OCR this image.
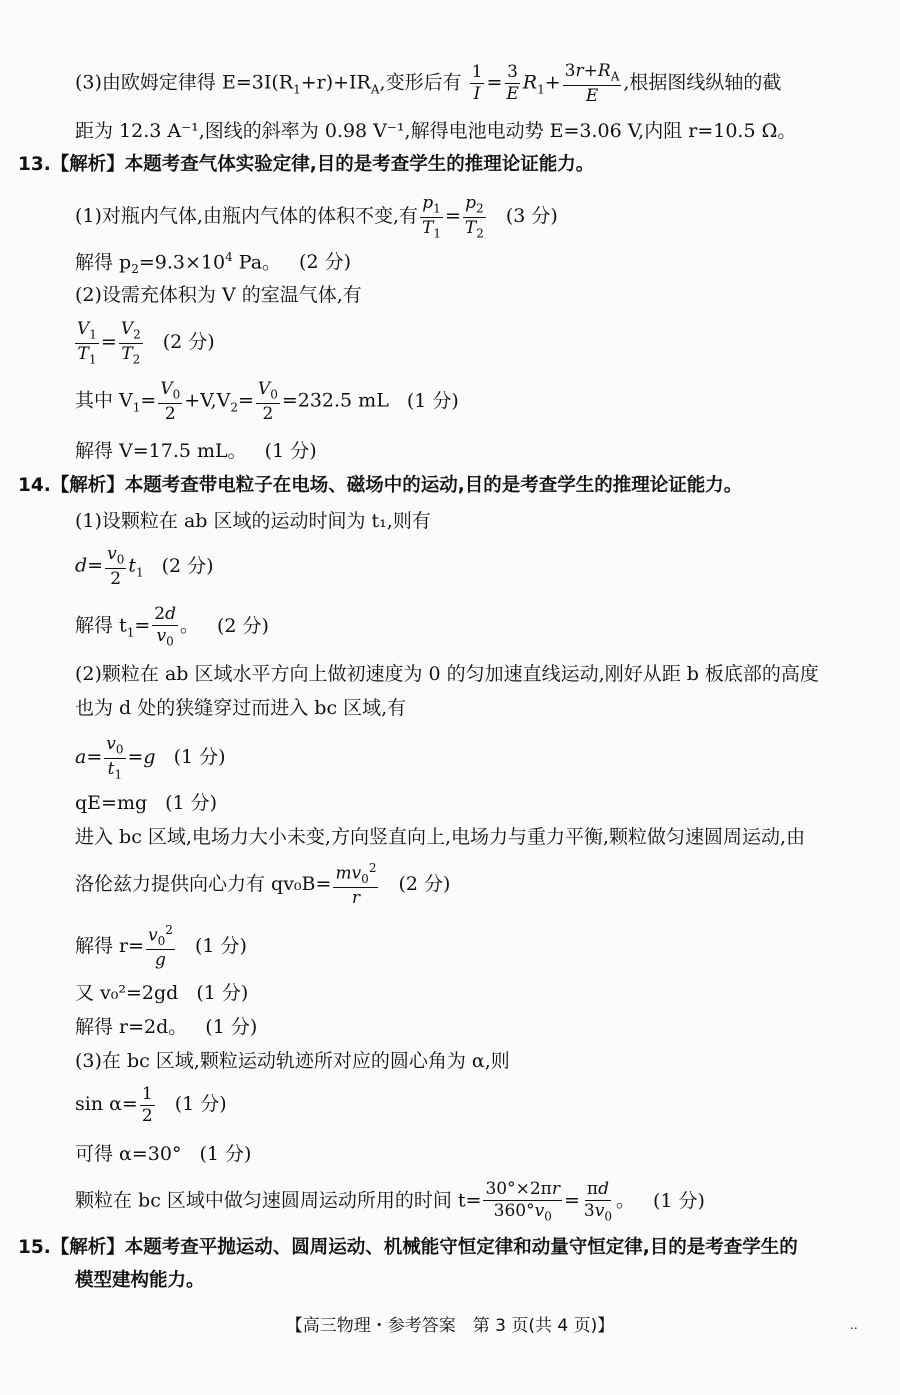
(3)由欧姆定律得 $E=3I(R_1+r)+IR_A$,变形后有 $\frac{1}{I} = \frac{3}{E} R_1+ \frac{3r+R_A}{E}$ ,根据图线纵轴的截
距为 12.3 A⁻¹,图线的斜率为 0.98 V⁻¹,解得电池电动势 E=3.06 V,内阻 r=10.5 Ω。
13.【解析】本题考查气体实验定律,目的是考查学生的推理论证能力。
(1)对瓶内气体,由瓶内气体的体积不变,有 $\frac{p_1}{T_1} = \frac{p_2}{T_2} (3$ 分)
解得 $p_2=9.3\times 10^4$ Pa。 (2 分)
(2)设需充体积为 V 的室温气体,有
$\frac{V_1}{T_1} = \frac{V_2}{T_2} (2$ 分)
其中 $V_1= \frac{V_0}{2} +V,V_2= \frac{V_0}{2} =232.5$ mL (1 分)
解得 V=17.5 mL。 (1 分)
14.【解析】本题考查带电粒子在电场、磁场中的运动,目的是考查学生的推理论证能力。
(1)设颗粒在 ab 区域的运动时间为 t₁,则有
$d= \frac{v_0}{2} t_1$ (2 分)
解得 $t_1= \frac{2d}{v_0}$ 。 (2 分)
(2)颗粒在 ab 区域水平方向上做初速度为 0 的匀加速直线运动,刚好从距 b 板底部的高度
也为 d 处的狭缝穿过而进入 bc 区域,有
$a= \frac{v_0}{t_1} =g$ (1 分)
qE=mg (1 分)
进入 bc 区域,电场力大小未变,方向竖直向上,电场力与重力平衡,颗粒做匀速圆周运动,由
洛伦兹力提供向心力有 $qv_0B= \frac{mv_0^2}{r} (2$ 分)
解得 $r= \frac{v_0^2}{g} (1$ 分)
又 v₀²=2gd (1 分)
解得 r=2d。 (1 分)
(3)在 bc 区域,颗粒运动轨迹所对应的圆心角为 α,则
$\sin \alpha= \frac{1}{2} (1$ 分)
可得 α=30° (1 分)
颗粒在 bc 区域中做匀速圆周运动所用的时间 $t= \frac{30^\circ\times 2\pi r}{360^\circ v_0} = \frac{\pi d}{3v_0}$ 。 (1 分)
15.【解析】本题考查平抛运动、圆周运动、机械能守恒定律和动量守恒定律,目的是考查学生的
模型建构能力。
【高三物理・参考答案　第 3 页(共 4 页)】	..
